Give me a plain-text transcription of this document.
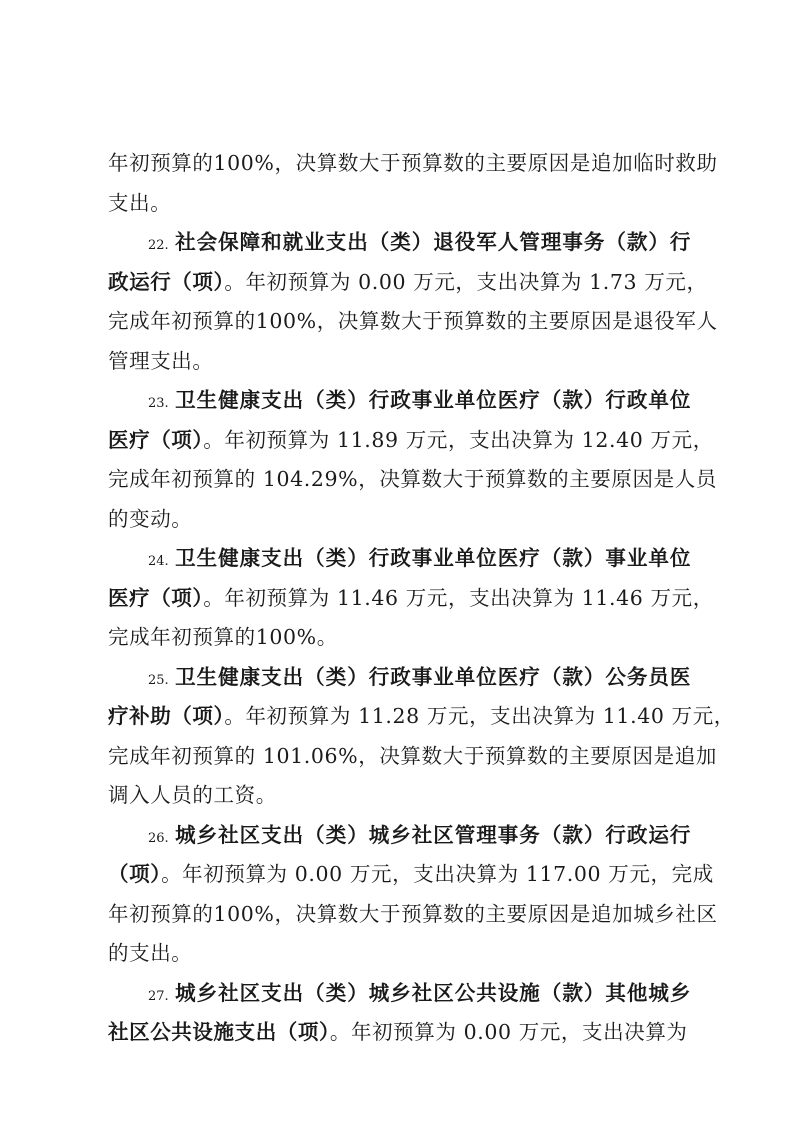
年初预算的100%，决算数大于预算数的主要原因是追加临时救助
支出。
22. 社会保障和就业支出（类）退役军人管理事务（款）行
政运行（项）。年初预算为 0.00 万元，支出决算为 1.73 万元，
完成年初预算的100%，决算数大于预算数的主要原因是退役军人
管理支出。
23. 卫生健康支出（类）行政事业单位医疗（款）行政单位
医疗（项）。年初预算为 11.89 万元，支出决算为 12.40 万元，
完成年初预算的 104.29%，决算数大于预算数的主要原因是人员
的变动。
24. 卫生健康支出（类）行政事业单位医疗（款）事业单位
医疗（项）。年初预算为 11.46 万元，支出决算为 11.46 万元，
完成年初预算的100%。
25. 卫生健康支出（类）行政事业单位医疗（款）公务员医
疗补助（项）。年初预算为 11.28 万元，支出决算为 11.40 万元，
完成年初预算的 101.06%，决算数大于预算数的主要原因是追加
调入人员的工资。
26. 城乡社区支出（类）城乡社区管理事务（款）行政运行
（项）。年初预算为 0.00 万元，支出决算为 117.00 万元，完成
年初预算的100%，决算数大于预算数的主要原因是追加城乡社区
的支出。
27. 城乡社区支出（类）城乡社区公共设施（款）其他城乡
社区公共设施支出（项）。年初预算为 0.00 万元，支出决算为
